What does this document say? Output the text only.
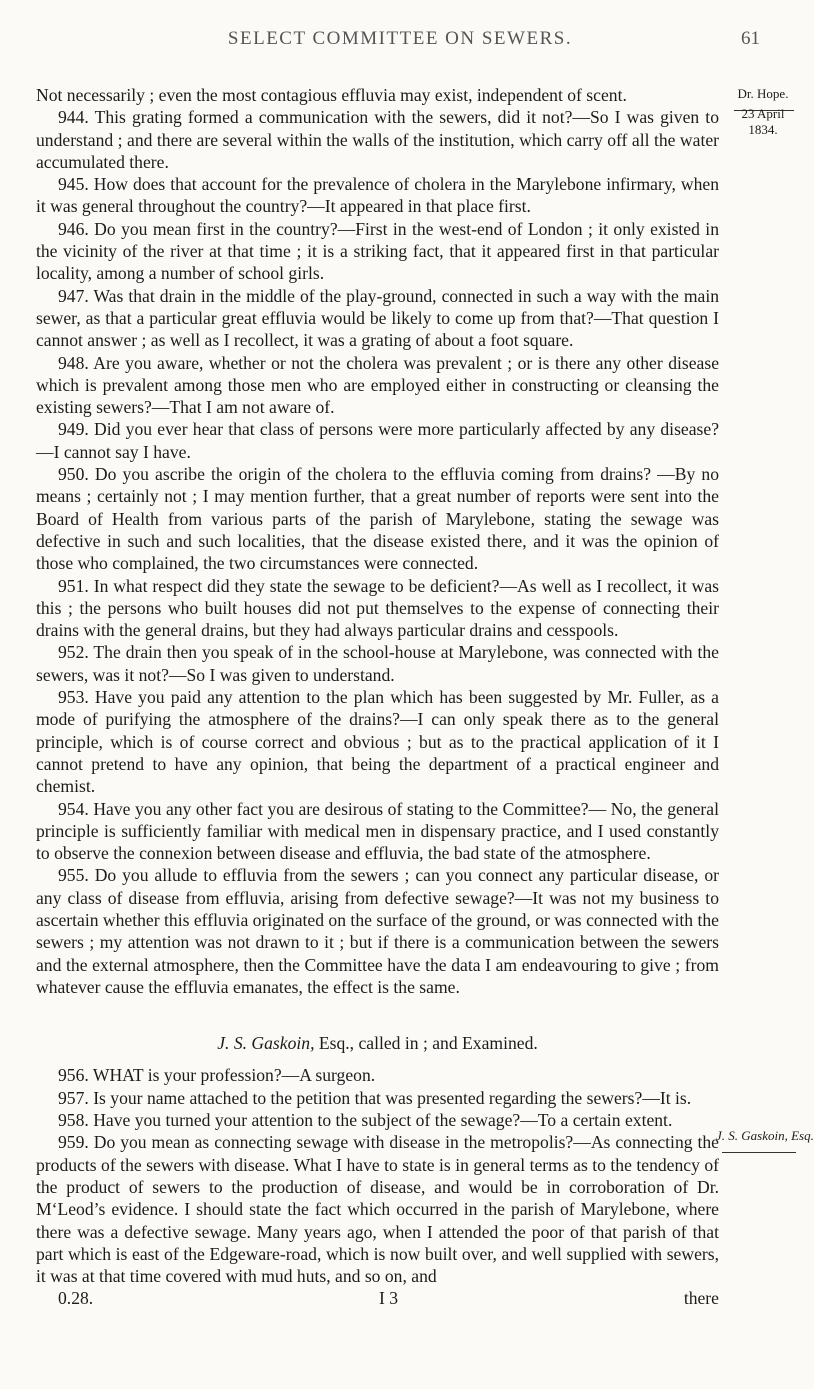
SELECT COMMITTEE ON SEWERS.	61
Dr. Hope.
23 April 1834.
J. S. Gaskoin, Esq.

Not necessarily ; even the most contagious effluvia may exist, independent of scent.

944. This grating formed a communication with the sewers, did it not?—So I was given to understand ; and there are several within the walls of the institution, which carry off all the water accumulated there.

945. How does that account for the prevalence of cholera in the Marylebone infirmary, when it was general throughout the country?—It appeared in that place first.

946. Do you mean first in the country?—First in the west-end of London ; it only existed in the vicinity of the river at that time ; it is a striking fact, that it appeared first in that particular locality, among a number of school girls.

947. Was that drain in the middle of the play-ground, connected in such a way with the main sewer, as that a particular great effluvia would be likely to come up from that?—That question I cannot answer ; as well as I recollect, it was a grating of about a foot square.

948. Are you aware, whether or not the cholera was prevalent ; or is there any other disease which is prevalent among those men who are employed either in constructing or cleansing the existing sewers?—That I am not aware of.

949. Did you ever hear that class of persons were more particularly affected by any disease?—I cannot say I have.

950. Do you ascribe the origin of the cholera to the effluvia coming from drains? —By no means ; certainly not ; I may mention further, that a great number of reports were sent into the Board of Health from various parts of the parish of Marylebone, stating the sewage was defective in such and such localities, that the disease existed there, and it was the opinion of those who complained, the two circumstances were connected.

951. In what respect did they state the sewage to be deficient?—As well as I recollect, it was this ; the persons who built houses did not put themselves to the expense of connecting their drains with the general drains, but they had always particular drains and cesspools.

952. The drain then you speak of in the school-house at Marylebone, was connected with the sewers, was it not?—So I was given to understand.

953. Have you paid any attention to the plan which has been suggested by Mr. Fuller, as a mode of purifying the atmosphere of the drains?—I can only speak there as to the general principle, which is of course correct and obvious ; but as to the practical application of it I cannot pretend to have any opinion, that being the department of a practical engineer and chemist.

954. Have you any other fact you are desirous of stating to the Committee?— No, the general principle is sufficiently familiar with medical men in dispensary practice, and I used constantly to observe the connexion between disease and effluvia, the bad state of the atmosphere.

955. Do you allude to effluvia from the sewers ; can you connect any particular disease, or any class of disease from effluvia, arising from defective sewage?—It was not my business to ascertain whether this effluvia originated on the surface of the ground, or was connected with the sewers ; my attention was not drawn to it ; but if there is a communication between the sewers and the external atmosphere, then the Committee have the data I am endeavouring to give ; from whatever cause the effluvia emanates, the effect is the same.

J. S. Gaskoin, Esq., called in ; and Examined.

956. WHAT is your profession?—A surgeon.

957. Is your name attached to the petition that was presented regarding the sewers?—It is.

958. Have you turned your attention to the subject of the sewage?—To a certain extent.

959. Do you mean as connecting sewage with disease in the metropolis?—As connecting the products of the sewers with disease. What I have to state is in general terms as to the tendency of the product of sewers to the production of disease, and would be in corroboration of Dr. M‘Leod’s evidence. I should state the fact which occurred in the parish of Marylebone, where there was a defective sewage. Many years ago, when I attended the poor of that parish of that part which is east of the Edgeware-road, which is now built over, and well supplied with sewers, it was at that time covered with mud huts, and so on, and

0.28.	I 3	there
